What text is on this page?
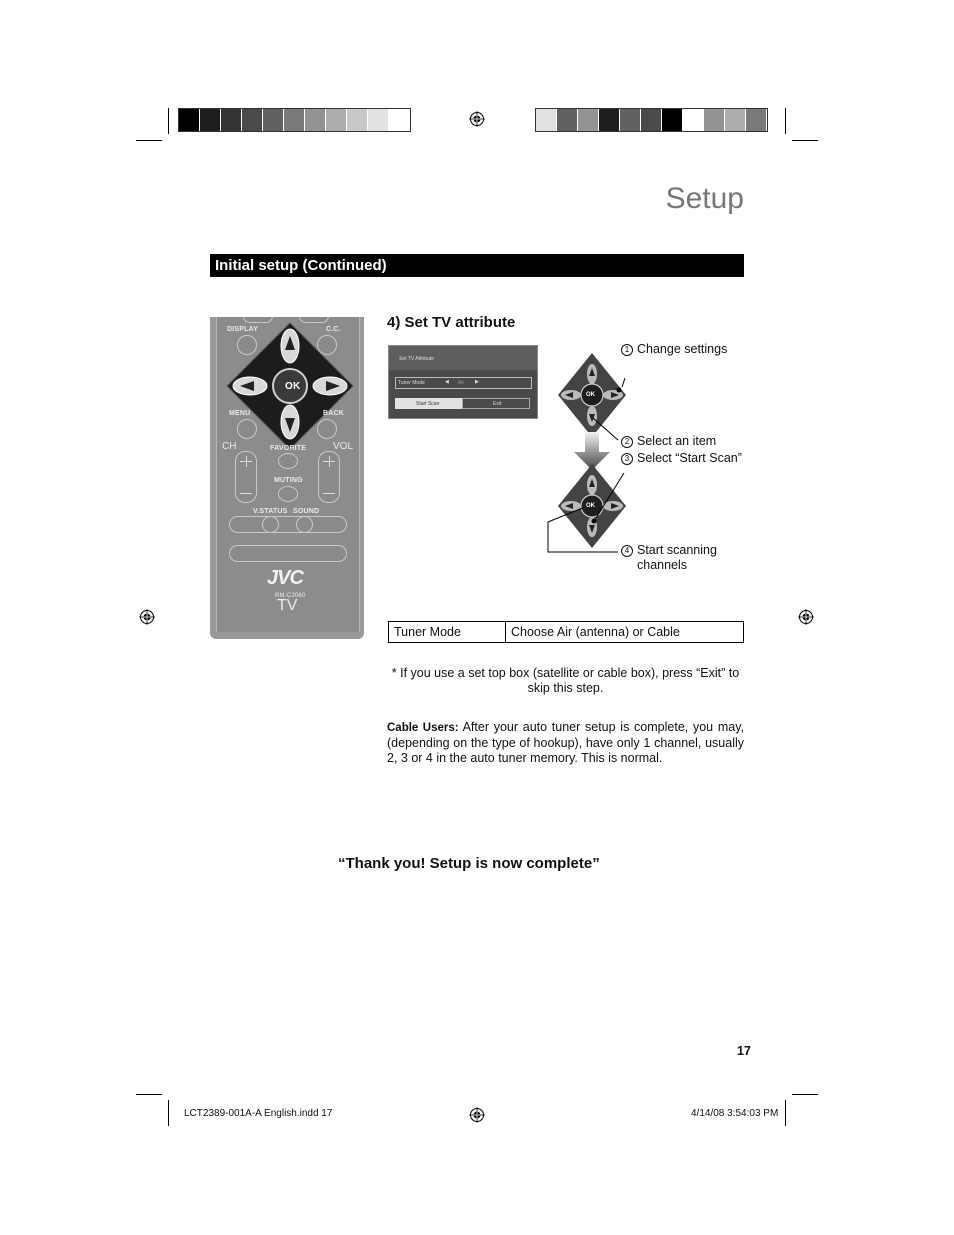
Setup
Initial setup (Continued)
4) Set TV attribute
DISPLAY	C.C.
OK
MENU	BACK
CH	VOL
FAVORITE
MUTING
V.STATUS SOUND
JVC
RM-C2060
TV
Set TV Attribute
Tuner Mode	◀ Air ▶
Start Scan	Exit
OK
OK
1 Change settings
2 Select an item
3 Select “Start Scan”
4 Start scanning
channels
Tuner Mode	Choose Air (antenna) or Cable
* If you use a set top box (satellite or cable box), press “Exit” to skip this step.
Cable Users: After your auto tuner setup is complete, you may, (depending on the type of hookup), have only 1 channel, usually 2, 3 or 4 in the auto tuner memory. This is normal.
“Thank you! Setup is now complete”
17
LCT2389-001A-A English.indd 17	4/14/08 3:54:03 PM
